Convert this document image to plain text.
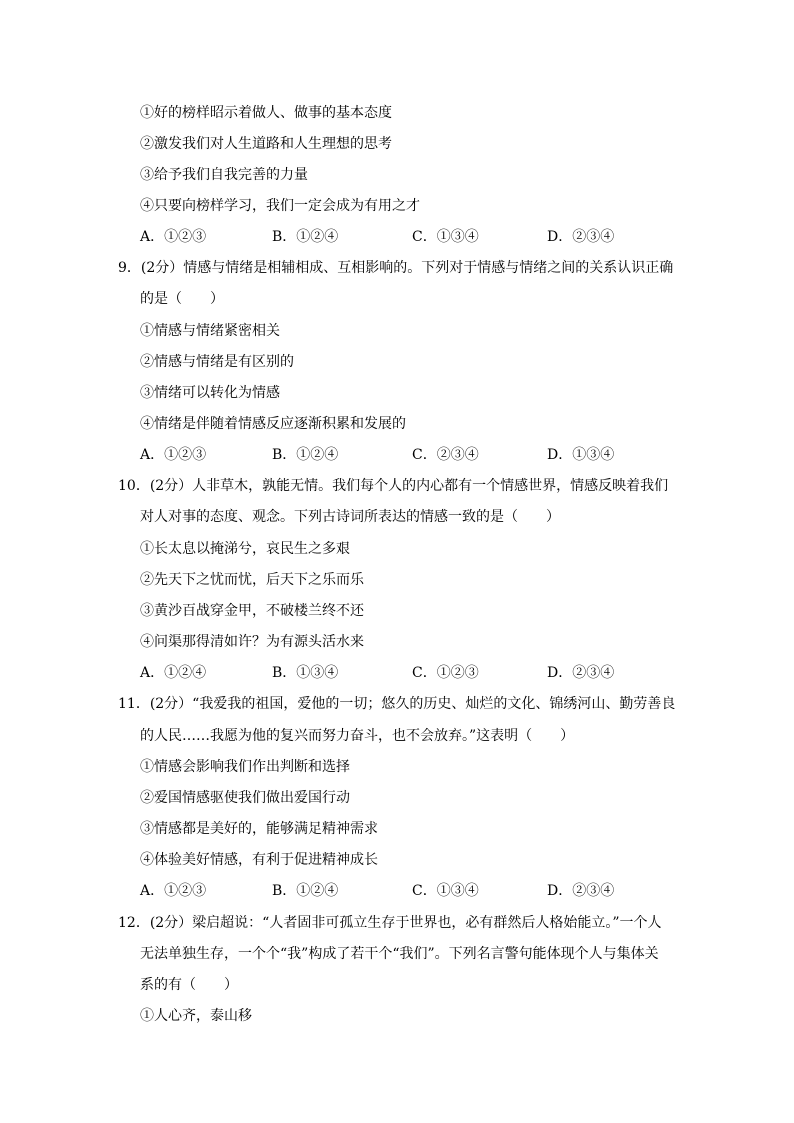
①好的榜样昭示着做人、做事的基本态度
②激发我们对人生道路和人生理想的思考
③给予我们自我完善的力量
④只要向榜样学习，我们一定会成为有用之才
A．①②③	B．①②④	C．①③④	D．②③④
9．(2分）情感与情绪是相辅相成、互相影响的。下列对于情感与情绪之间的关系认识正确
的是（　　）
①情感与情绪紧密相关
②情感与情绪是有区别的
③情绪可以转化为情感
④情绪是伴随着情感反应逐渐积累和发展的
A．①②③	B．①②④	C．②③④	D．①③④
10．(2分）人非草木，孰能无情。我们每个人的内心都有一个情感世界，情感反映着我们
对人对事的态度、观念。下列古诗词所表达的情感一致的是（　　）
①长太息以掩涕兮，哀民生之多艰
②先天下之忧而忧，后天下之乐而乐
③黄沙百战穿金甲，不破楼兰终不还
④问渠那得清如许？为有源头活水来
A．①②④	B．①③④	C．①②③	D．②③④
11．(2分）“我爱我的祖国，爱他的一切；悠久的历史、灿烂的文化、锦绣河山、勤劳善良
的人民……我愿为他的复兴而努力奋斗，也不会放弃。”这表明（　　）
①情感会影响我们作出判断和选择
②爱国情感驱使我们做出爱国行动
③情感都是美好的，能够满足精神需求
④体验美好情感，有利于促进精神成长
A．①②③	B．①②④	C．①③④	D．②③④
12．(2分）梁启超说：“人者固非可孤立生存于世界也，必有群然后人格始能立。”一个人
无法单独生存，一个个“我”构成了若干个“我们”。下列名言警句能体现个人与集体关
系的有（　　）
①人心齐，泰山移
